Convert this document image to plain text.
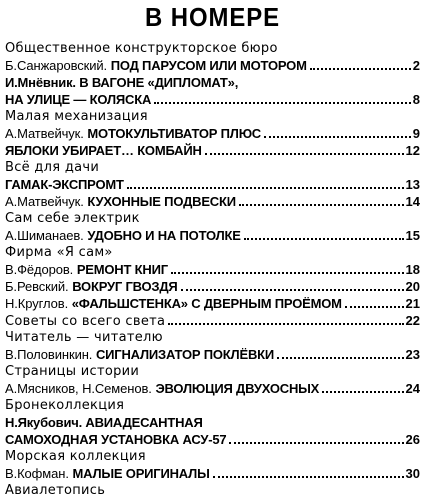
В НОМЕРЕ
Общественное конструкторское бюро
Б.Санжаровский.
ПОД ПАРУСОМ ИЛИ МОТОРОМ	2
И.Мнёвник. В ВАГОНЕ «ДИПЛОМАТ»,
НА УЛИЦЕ — КОЛЯСКА	8
Малая механизация
А.Матвейчук.
МОТОКУЛЬТИВАТОР ПЛЮС	9
ЯБЛОКИ УБИРАЕТ… КОМБАЙН	12
Всё для дачи
ГАМАК-ЭКСПРОМТ	13
А.Матвейчук.
КУХОННЫЕ ПОДВЕСКИ	14
Сам себе электрик
А.Шиманаев.
УДОБНО И НА ПОТОЛКЕ	15
Фирма «Я сам»
В.Фёдоров.
РЕМОНТ КНИГ	18
Б.Ревский.
ВОКРУГ ГВОЗДЯ	20
Н.Круглов.
«ФАЛЬШСТЕНКА» С ДВЕРНЫМ ПРОЁМОМ	21
Советы со всего света	22
Читатель — читателю
В.Половинкин.
СИГНАЛИЗАТОР ПОКЛЁВКИ	23
Страницы истории
А.Мясников, Н.Семенов.
ЭВОЛЮЦИЯ ДВУХОСНЫХ	24
Бронеколлекция
Н.Якубович. АВИАДЕСАНТНАЯ
САМОХОДНАЯ УСТАНОВКА АСУ-57	26
Морская коллекция
В.Кофман.
МАЛЫЕ ОРИГИНАЛЫ	30
Авиалетопись
